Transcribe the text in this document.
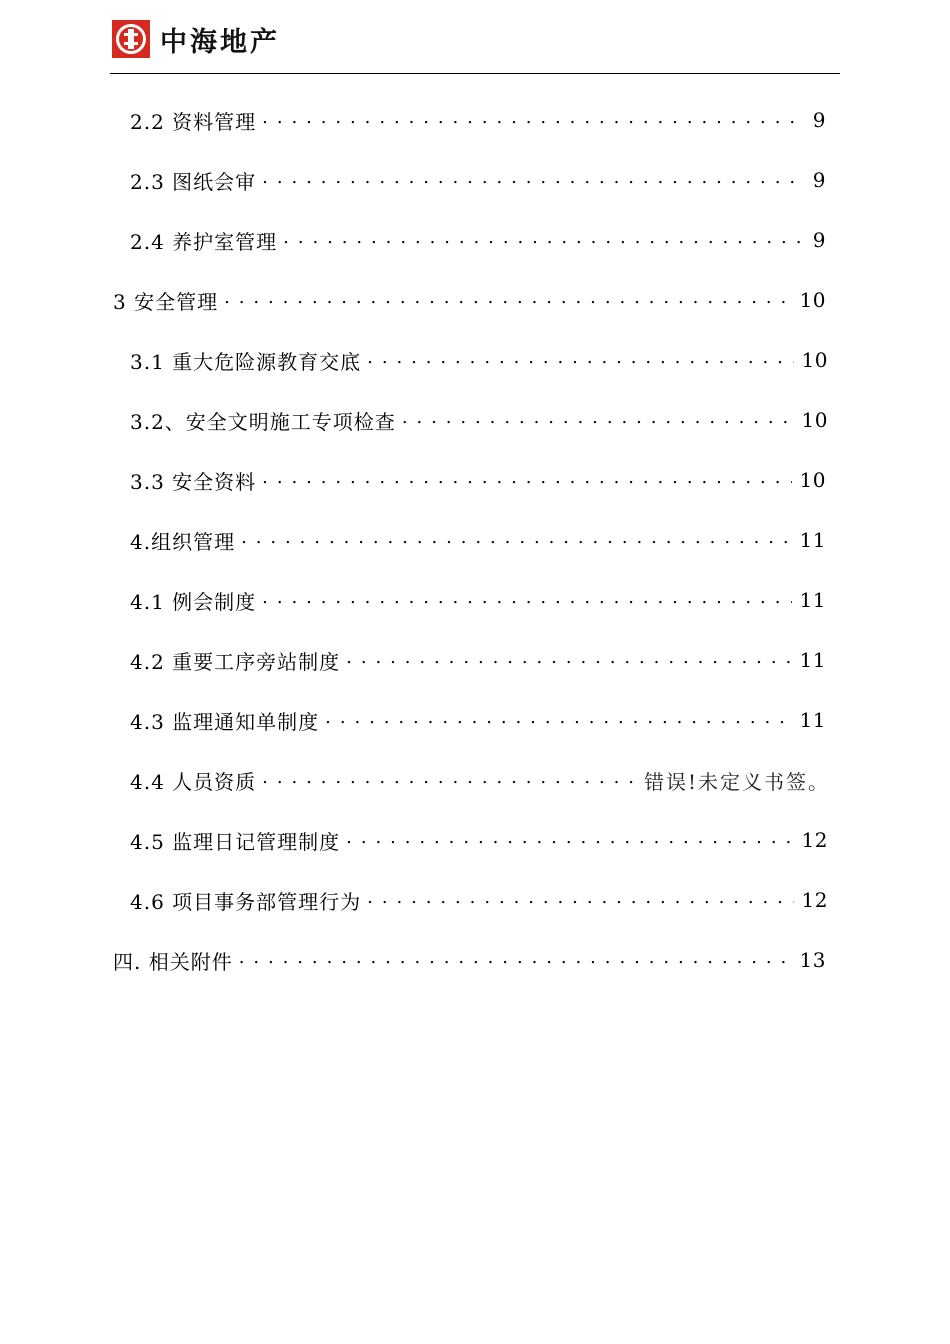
中海地产
2.2 资料管理 . . .	9
2.3 图纸会审 . . .	9
2.4 养护室管理 . . .	9
3 安全管理 . . .	10
3.1 重大危险源教育交底 . . .	10
3.2、安全文明施工专项检查 . . .	10
3.3 安全资料 . . .	10
4.组织管理 . . .	11
4.1 例会制度 . . .	11
4.2 重要工序旁站制度 . . .	11
4.3 监理通知单制度 . . .	11
4.4 人员资质 . . .	错误!未定义书签。
4.5 监理日记管理制度 . . .	12
4.6 项目事务部管理行为 . . .	12
四. 相关附件 . . .	13
